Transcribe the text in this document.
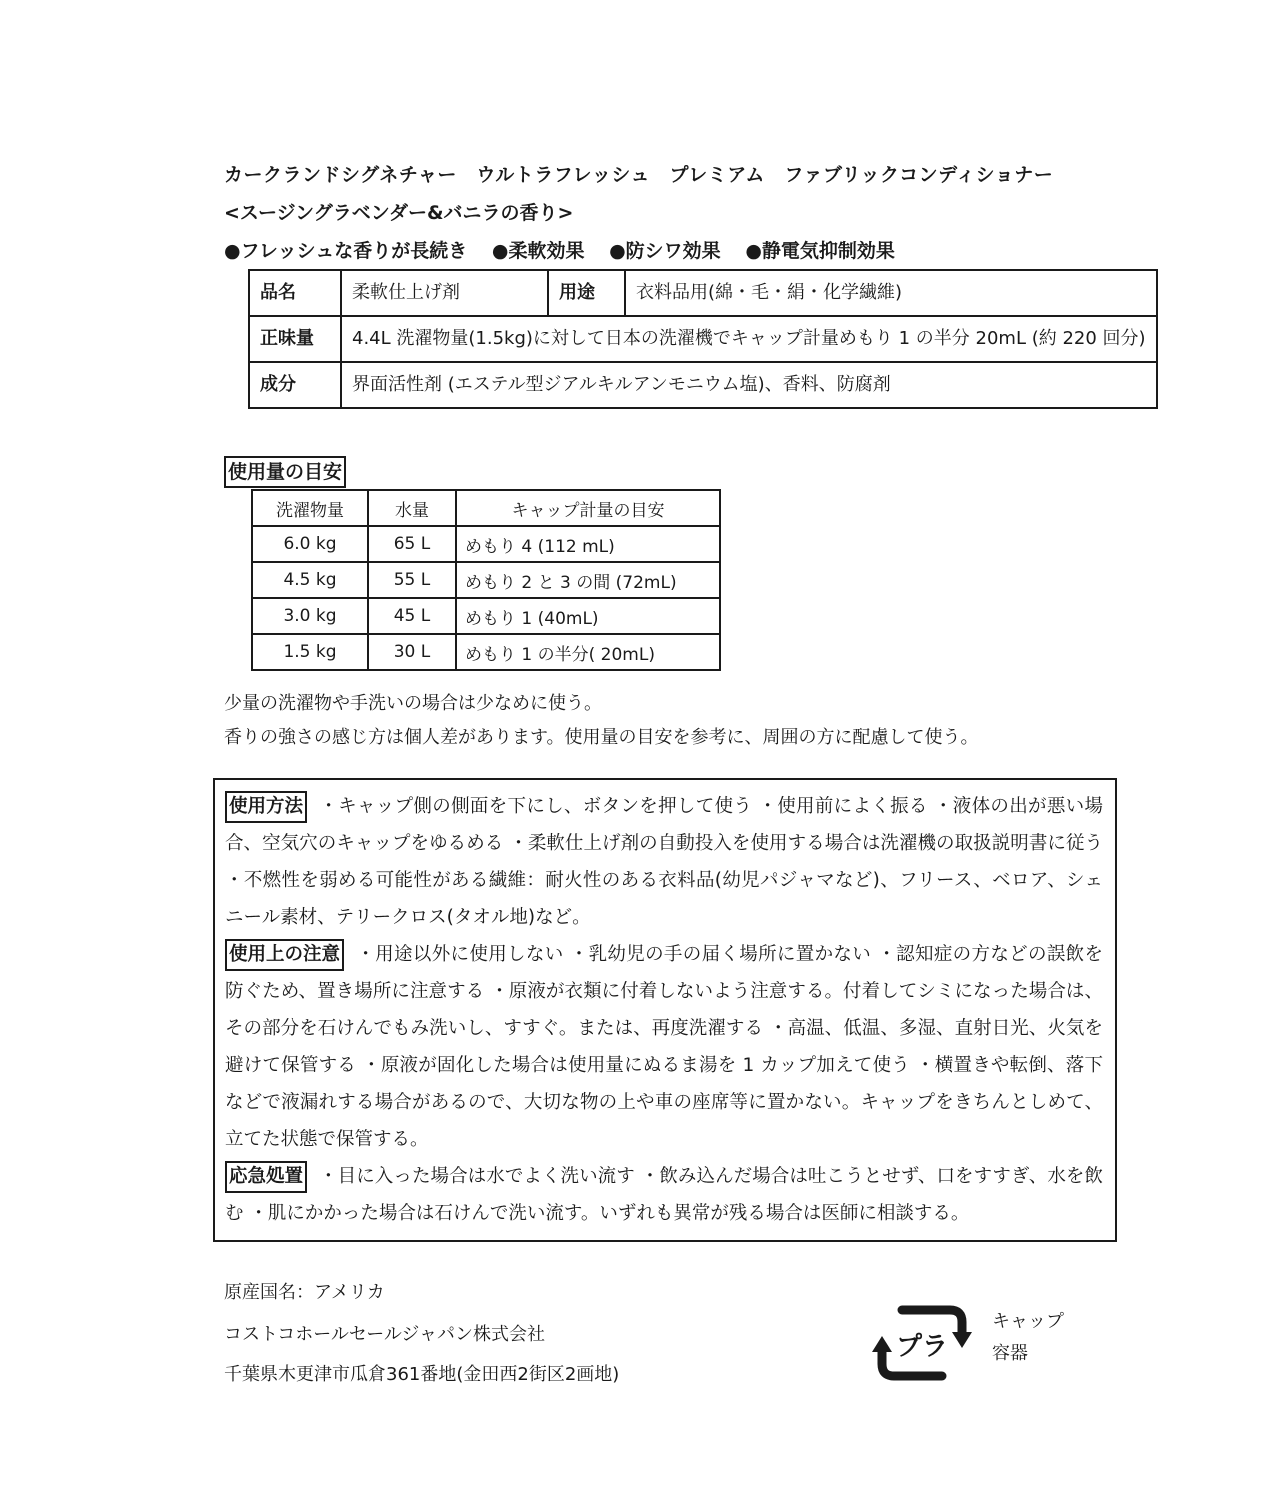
カークランドシグネチャー　ウルトラフレッシュ　プレミアム　ファブリックコンディショナー
<スージングラベンダー&バニラの香り>
●フレッシュな香りが長続き ●柔軟効果 ●防シワ効果 ●静電気抑制効果
品名	柔軟仕上げ剤	用途	衣料品用(綿・毛・絹・化学繊維)
正味量	4.4L 洗濯物量(1.5kg)に対して日本の洗濯機でキャップ計量めもり 1 の半分 20mL (約 220 回分)		
成分	界面活性剤 (エステル型ジアルキルアンモニウム塩)、香料、防腐剤		
使用量の目安
洗濯物量	水量	キャップ計量の目安
6.0 kg	65 L	めもり 4 (112 mL)
4.5 kg	55 L	めもり 2 と 3 の間 (72mL)
3.0 kg	45 L	めもり 1 (40mL)
1.5 kg	30 L	めもり 1 の半分( 20mL)
少量の洗濯物や手洗いの場合は少なめに使う。
香りの強さの感じ方は個人差があります。使用量の目安を参考に、周囲の方に配慮して使う。
使用方法 ・キャップ側の側面を下にし、ボタンを押して使う ・使用前によく振る ・液体の出が悪い場合、空気穴のキャップをゆるめる ・柔軟仕上げ剤の自動投入を使用する場合は洗濯機の取扱説明書に従う ・不燃性を弱める可能性がある繊維：耐火性のある衣料品(幼児パジャマなど)、フリース、ベロア、シェニール素材、テリークロス(タオル地)など。
使用上の注意 ・用途以外に使用しない ・乳幼児の手の届く場所に置かない ・認知症の方などの誤飲を防ぐため、置き場所に注意する ・原液が衣類に付着しないよう注意する。付着してシミになった場合は、その部分を石けんでもみ洗いし、すすぐ。または、再度洗濯する ・高温、低温、多湿、直射日光、火気を避けて保管する ・原液が固化した場合は使用量にぬるま湯を 1 カップ加えて使う ・横置きや転倒、落下などで液漏れする場合があるので、大切な物の上や車の座席等に置かない。キャップをきちんとしめて、立てた状態で保管する。
応急処置 ・目に入った場合は水でよく洗い流す ・飲み込んだ場合は吐こうとせず、口をすすぎ、水を飲む ・肌にかかった場合は石けんで洗い流す。いずれも異常が残る場合は医師に相談する。
原産国名：アメリカ
コストコホールセールジャパン株式会社
千葉県木更津市瓜倉361番地(金田西2街区2画地)
プラ
キャップ
容器
